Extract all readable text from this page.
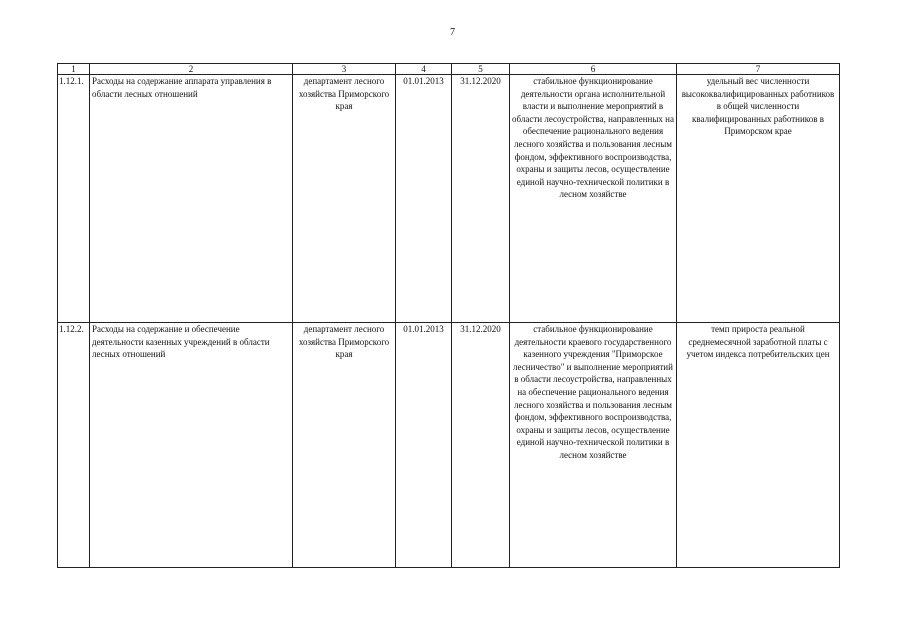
7
1	2	3	4	5	6	7
1.12.1.	Расходы на содержание аппарата управления в области лесных отношений	департамент лесного хозяйства Приморского края	01.01.2013	31.12.2020	стабильное функционирование деятельности органа исполнительной власти и выполнение мероприятий в области лесоустройства, направленных на обеспечение рационального ведения лесного хозяйства и пользования лесным фондом, эффективного воспроизводства, охраны и защиты лесов, осуществление единой научно-технической политики в лесном хозяйстве	удельный вес численности высококвалифицированных работников в общей численности квалифицированных работников в Приморском крае
1.12.2.	Расходы на содержание и обеспечение деятельности казенных учреждений в области лесных отношений	департамент лесного хозяйства Приморского края	01.01.2013	31.12.2020	стабильное функционирование деятельности краевого государственного казенного учреждения "Приморское лесничество" и выполнение мероприятий в области лесоустройства, направленных на обеспечение рационального ведения лесного хозяйства и пользования лесным фондом, эффективного воспроизводства, охраны и защиты лесов, осуществление единой научно-технической политики в лесном хозяйстве	темп прироста реальной среднемесячной заработной платы с учетом индекса потребительских цен
